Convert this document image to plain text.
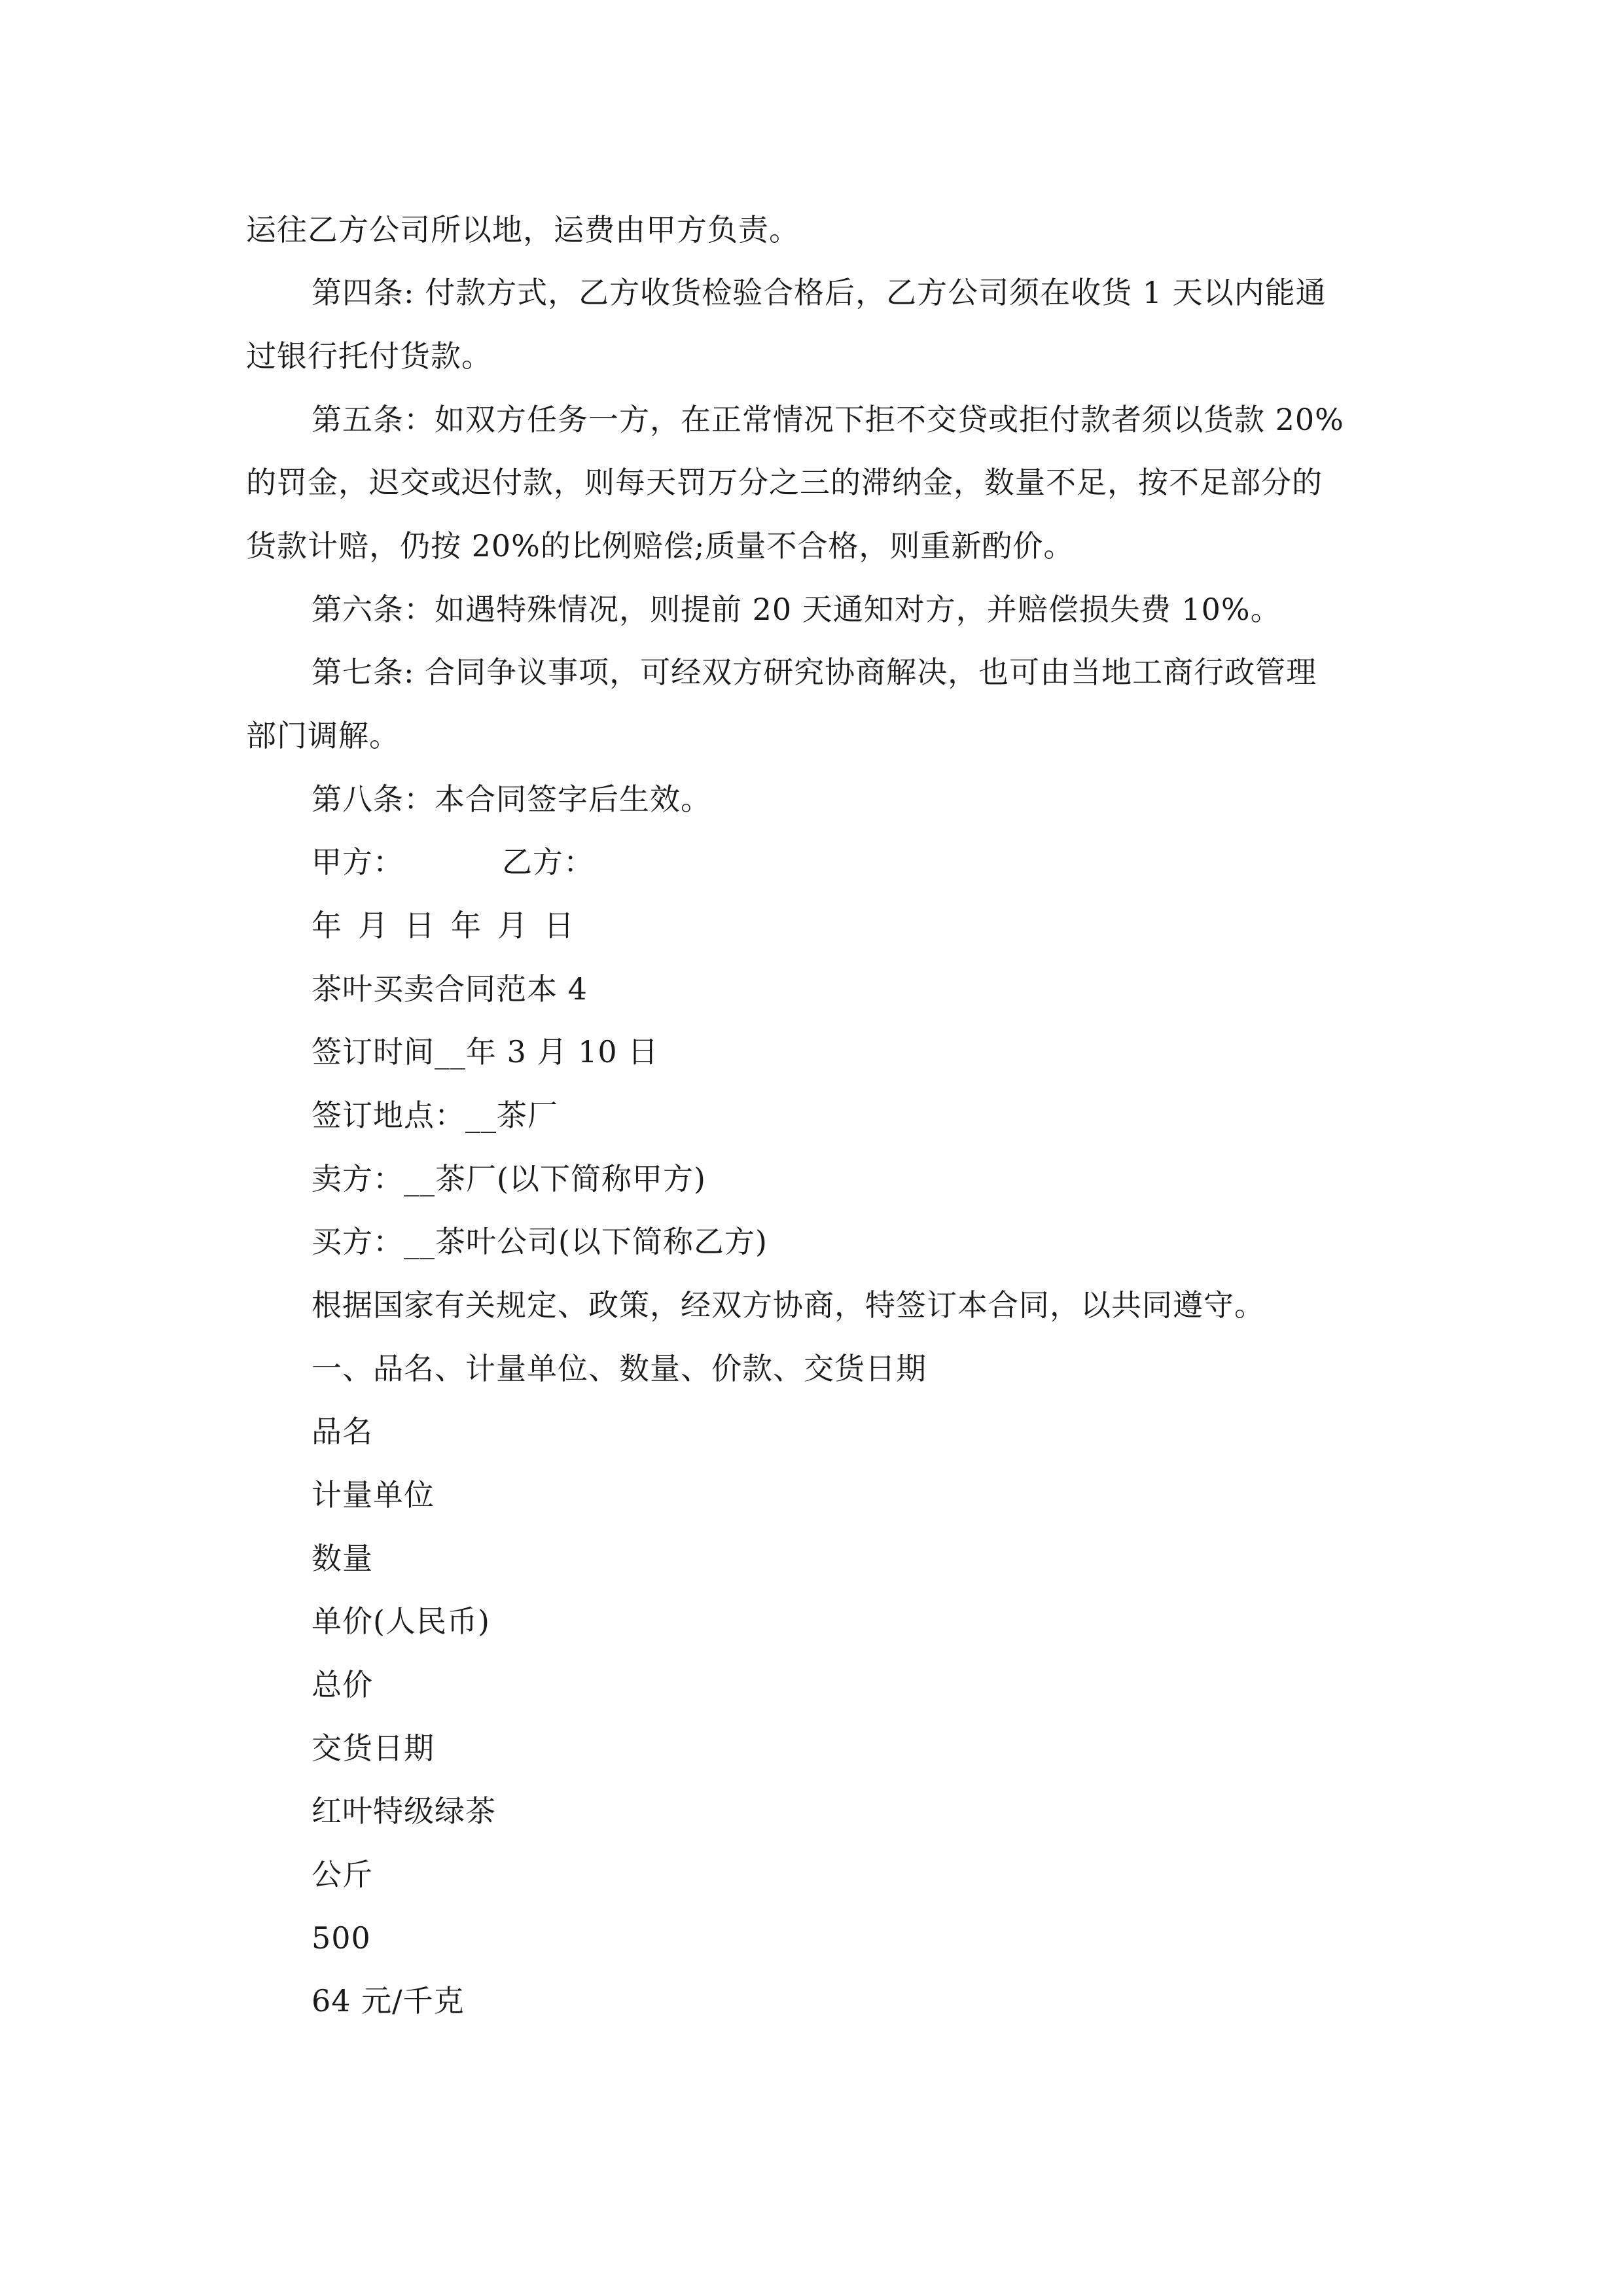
运往乙方公司所以地，运费由甲方负责。
第四条: 付款方式，乙方收货检验合格后，乙方公司须在收货 1 天以内能通
过银行托付货款。
第五条：如双方任务一方，在正常情况下拒不交贷或拒付款者须以货款 20%
的罚金，迟交或迟付款，则每天罚万分之三的滞纳金，数量不足，按不足部分的
货款计赔，仍按 20%的比例赔偿;质量不合格，则重新酌价。
第六条：如遇特殊情况，则提前 20 天通知对方，并赔偿损失费 10%。
第七条: 合同争议事项，可经双方研究协商解决，也可由当地工商行政管理
部门调解。
第八条：本合同签字后生效。
甲方：	乙方：
年 月 日 年 月 日
茶叶买卖合同范本 4
签订时间__年 3 月 10 日
签订地点：__茶厂
卖方：__茶厂(以下简称甲方)
买方：__茶叶公司(以下简称乙方)
根据国家有关规定、政策，经双方协商，特签订本合同，以共同遵守。
一、品名、计量单位、数量、价款、交货日期
品名
计量单位
数量
单价(人民币)
总价
交货日期
红叶特级绿茶
公斤
500
64 元/千克
